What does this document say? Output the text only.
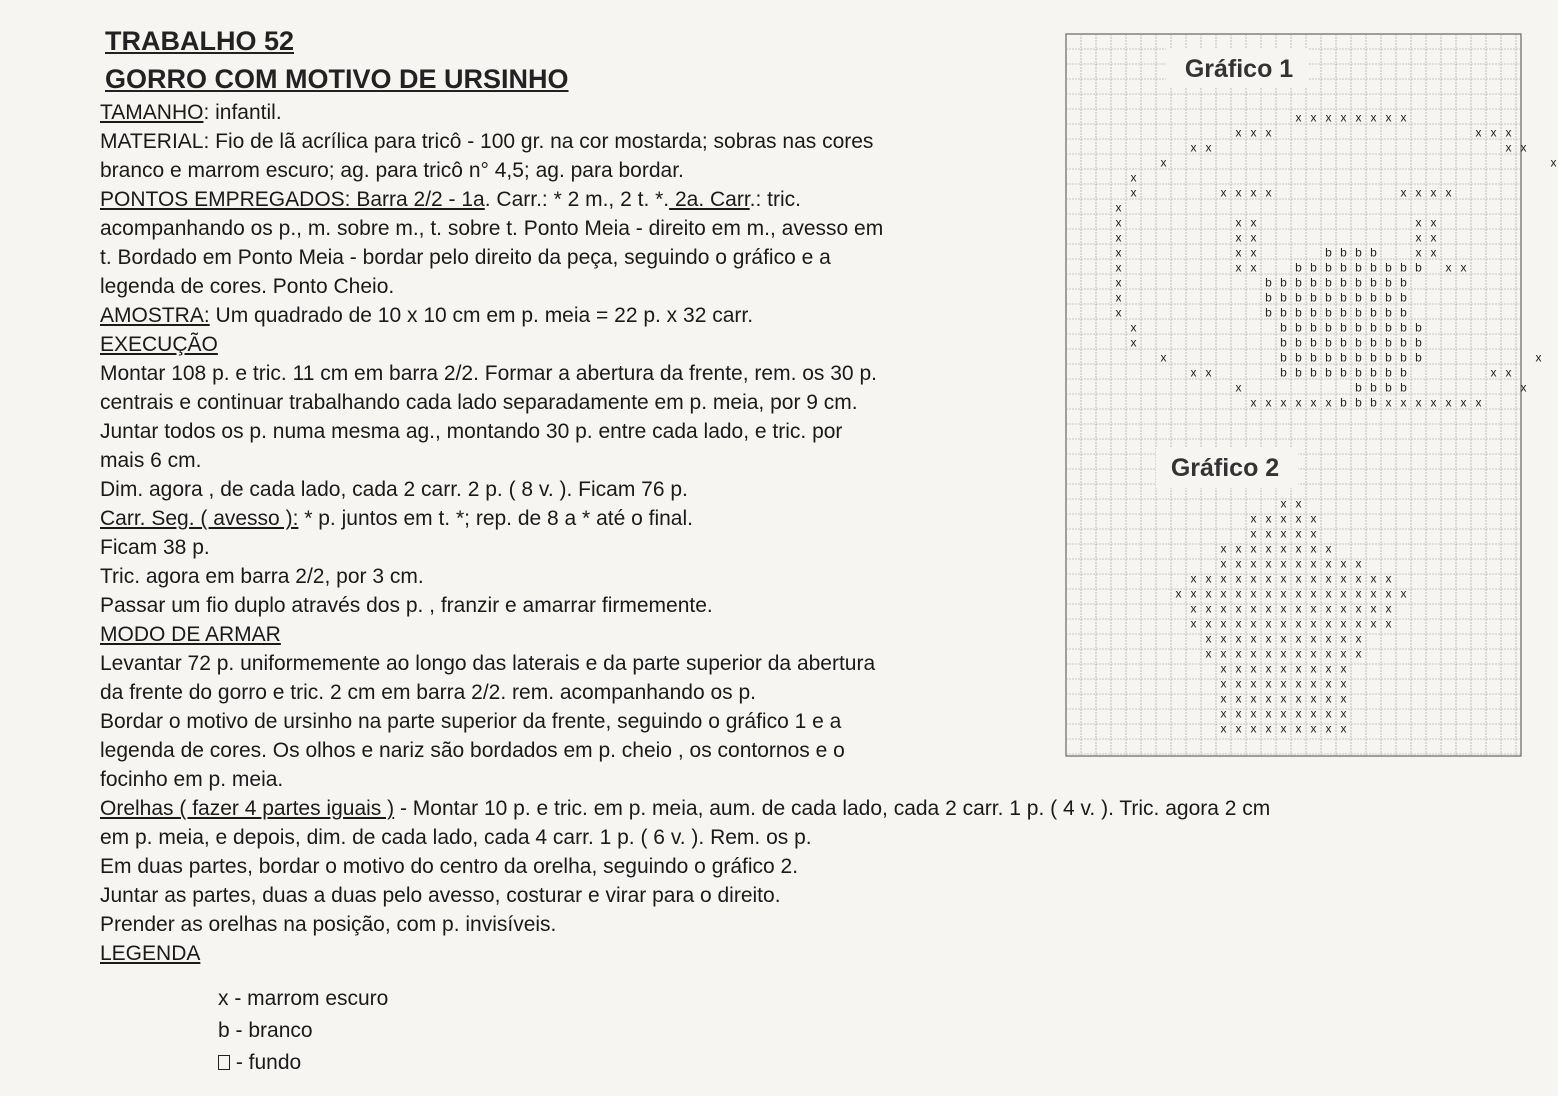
TRABALHO 52
GORRO COM MOTIVO DE URSINHO
TAMANHO: infantil.
MATERIAL: Fio de lã acrílica para tricô - 100 gr. na cor mostarda; sobras nas cores
branco e marrom escuro; ag. para tricô n° 4,5; ag. para bordar.
PONTOS EMPREGADOS: Barra 2/2 - 1a. Carr.: * 2 m., 2 t. *. 2a. Carr.: tric.
acompanhando os p., m. sobre m., t. sobre t. Ponto Meia - direito em m., avesso em
t. Bordado em Ponto Meia - bordar pelo direito da peça, seguindo o gráfico e a
legenda de cores. Ponto Cheio.
AMOSTRA: Um quadrado de 10 x 10 cm em p. meia = 22 p. x 32 carr.
EXECUÇÃO
Montar 108 p. e tric. 11 cm em barra 2/2. Formar a abertura da frente, rem. os 30 p.
centrais e continuar trabalhando cada lado separadamente em p. meia, por 9 cm.
Juntar todos os p. numa mesma ag., montando 30 p. entre cada lado, e tric. por
mais 6 cm.
Dim. agora , de cada lado, cada 2 carr. 2 p. ( 8 v. ). Ficam 76 p.
Carr. Seg. ( avesso ): * p. juntos em t. *; rep. de 8 a * até o final.
Ficam 38 p.
Tric. agora em barra 2/2, por 3 cm.
Passar um fio duplo através dos p. , franzir e amarrar firmemente.
MODO DE ARMAR
Levantar 72 p. uniformemente ao longo das laterais e da parte superior da abertura
da frente do gorro e tric. 2 cm em barra 2/2. rem. acompanhando os p.
Bordar o motivo de ursinho na parte superior da frente, seguindo o gráfico 1 e a
legenda de cores. Os olhos e nariz são bordados em p. cheio , os contornos e o
focinho em p. meia.
Orelhas ( fazer 4 partes iguais ) - Montar 10 p. e tric. em p. meia, aum. de cada lado, cada 2 carr. 1 p. ( 4 v. ). Tric. agora 2 cm
em p. meia, e depois, dim. de cada lado, cada 4 carr. 1 p. ( 6 v. ). Rem. os p.
Em duas partes, bordar o motivo do centro da orelha, seguindo o gráfico 2.
Juntar as partes, duas a duas pelo avesso, costurar e virar para o direito.
Prender as orelhas na posição, com p. invisíveis.
LEGENDA
x - marrom escuro
b - branco
- fundo
x x x x x x x x
x x x	x x x
x x	x x
x	x
x
x	x x x x	x x x x
x
x	x x	x x
x	x x	x x
x	x x	b b b b	x x
x	x x	b b b b b b b b b x x
x	b b b b b b b b b b
x	b b b b b b b b b b
x	b b b b b b b b b b
x	b b b b b b b b b b
x	b b b b b b b b b b
x	b b b b b b b b b b	x
x x	b b b b b b b b b	x x
x	b b b b	x
x x x x x x b b b x x x x x x x
x x
x x x x x
x x x x x
x x x x x x x x
x x x x x x x x x x
x x x x x x x x x x x x x x
x x x x x x x x x x x x x x x x
x x x x x x x x x x x x x x
x x x x x x x x x x x x x x
x x x x x x x x x x x
x x x x x x x x x x x
x x x x x x x x x
x x x x x x x x x
x x x x x x x x x
x x x x x x x x x
x x x x x x x x x
Gráfico 1
Gráfico 2
